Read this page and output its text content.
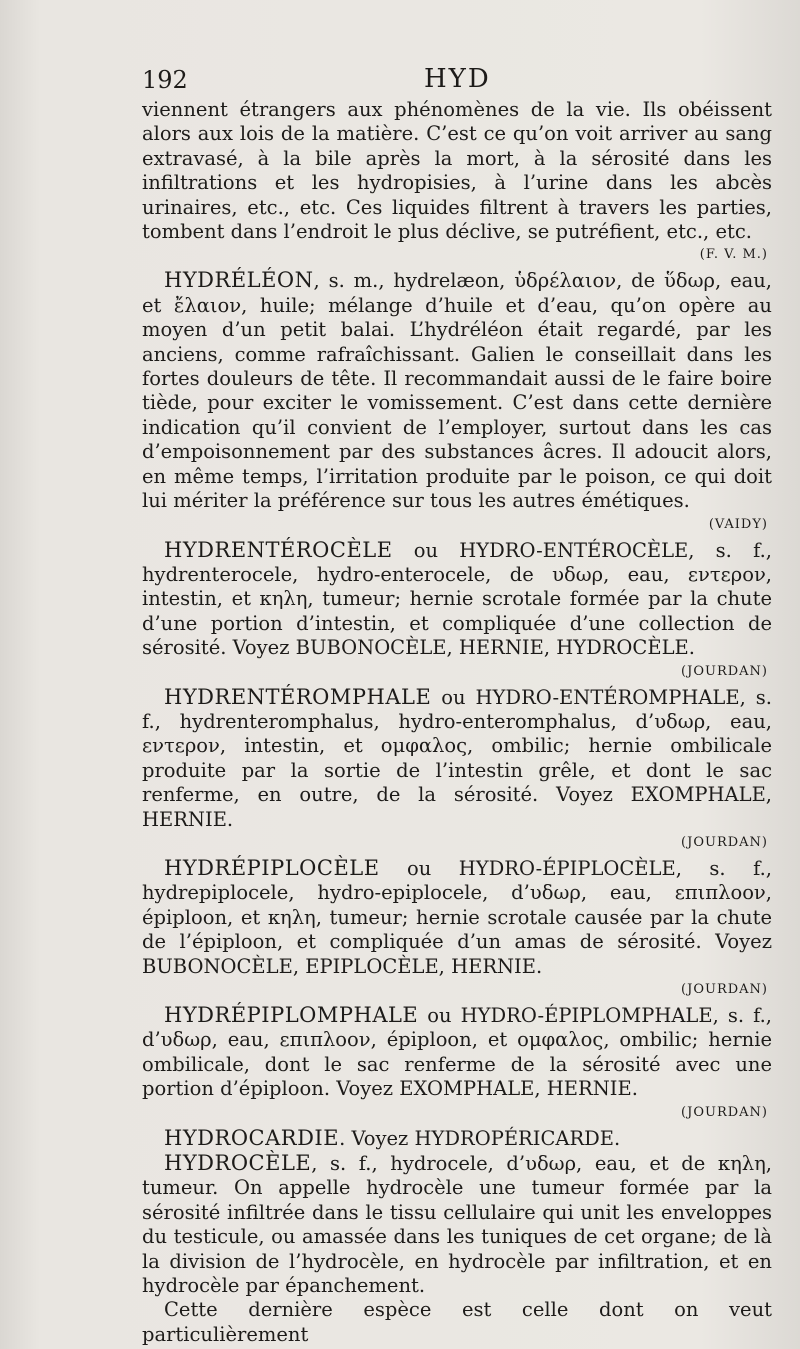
192	HYD

viennent étrangers aux phénomènes de la vie. Ils obéissent alors aux lois de la matière. C’est ce qu’on voit arriver au sang extravasé, à la bile après la mort, à la sérosité dans les infiltrations et les hydropisies, à l’urine dans les abcès urinaires, etc., etc. Ces liquides filtrent à travers les parties, tombent dans l’endroit le plus déclive, se putréfient, etc., etc.

(F. V. M.)

HYDRÉLÉON, s. m., hydrelæon, ὑδρέλαιον, de ὕδωρ, eau, et ἔλαιον, huile; mélange d’huile et d’eau, qu’on opère au moyen d’un petit balai. L’hydréléon était regardé, par les anciens, comme rafraîchissant. Galien le conseillait dans les fortes douleurs de tête. Il recommandait aussi de le faire boire tiède, pour exciter le vomissement. C’est dans cette dernière indication qu’il convient de l’employer, surtout dans les cas d’empoisonnement par des substances âcres. Il adoucit alors, en même temps, l’irritation produite par le poison, ce qui doit lui mériter la préférence sur tous les autres émétiques.

(VAIDY)

HYDRENTÉROCÈLE ou HYDRO-ENTÉROCÈLE, s. f., hydrenterocele, hydro-enterocele, de υδωρ, eau, εντερον, intestin, et κηλη, tumeur; hernie scrotale formée par la chute d’une portion d’intestin, et compliquée d’une collection de sérosité. Voyez BUBONOCÈLE, HERNIE, HYDROCÈLE.

(JOURDAN)

HYDRENTÉROMPHALE ou HYDRO-ENTÉROMPHALE, s. f., hydrenteromphalus, hydro-enteromphalus, d’υδωρ, eau, εντερον, intestin, et ομφαλος, ombilic; hernie ombilicale produite par la sortie de l’intestin grêle, et dont le sac renferme, en outre, de la sérosité. Voyez EXOMPHALE, HERNIE.

(JOURDAN)

HYDRÉPIPLOCÈLE ou HYDRO-ÉPIPLOCÈLE, s. f., hydrepiplocele, hydro-epiplocele, d’υδωρ, eau, επιπλοον, épiploon, et κηλη, tumeur; hernie scrotale causée par la chute de l’épiploon, et compliquée d’un amas de sérosité. Voyez BUBONOCÈLE, EPIPLOCÈLE, HERNIE.

(JOURDAN)

HYDRÉPIPLOMPHALE ou HYDRO-ÉPIPLOMPHALE, s. f., d’υδωρ, eau, επιπλοον, épiploon, et ομφαλος, ombilic; hernie ombilicale, dont le sac renferme de la sérosité avec une portion d’épiploon. Voyez EXOMPHALE, HERNIE.

(JOURDAN)

HYDROCARDIE. Voyez HYDROPÉRICARDE.

HYDROCÈLE, s. f., hydrocele, d’υδωρ, eau, et de κηλη, tumeur. On appelle hydrocèle une tumeur formée par la sérosité infiltrée dans le tissu cellulaire qui unit les enveloppes du testicule, ou amassée dans les tuniques de cet organe; de là la division de l’hydrocèle, en hydrocèle par infiltration, et en hydrocèle par épanchement.

Cette dernière espèce est celle dont on veut particulièrement
